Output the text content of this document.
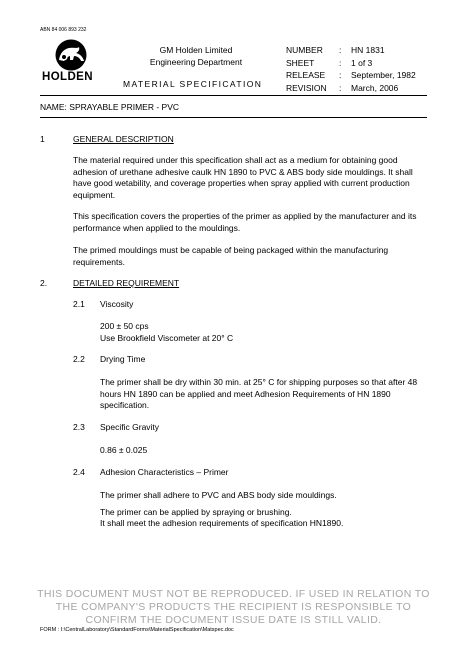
ABN 84 006 893 232
HOLDEN
GM Holden Limited
Engineering Department
MATERIAL SPECIFICATION
NUMBER : HN 1831
SHEET	: 1 of 3
RELEASE : September, 1982
REVISION : March, 2006
NAME: SPRAYABLE PRIMER - PVC
1	GENERAL DESCRIPTION
The material required under this specification shall act as a medium for obtaining good adhesion of urethane adhesive caulk HN 1890 to PVC & ABS body side mouldings. It shall have good wetability, and coverage properties when spray applied with current production equipment.
This specification covers the properties of the primer as applied by the manufacturer and its performance when applied to the mouldings.
The primed mouldings must be capable of being packaged within the manufacturing requirements.
2.	DETAILED REQUIREMENT
2.1 Viscosity
200 ± 50 cps
Use Brookfield Viscometer at 20° C
2.2 Drying Time
The primer shall be dry within 30 min. at 25° C for shipping purposes so that after 48 hours HN 1890 can be applied and meet Adhesion Requirements of HN 1890 specification.
2.3 Specific Gravity
0.86 ± 0.025
2.4 Adhesion Characteristics – Primer
The primer shall adhere to PVC and ABS body side mouldings.
The primer can be applied by spraying or brushing.
It shall meet the adhesion requirements of specification HN1890.
THIS DOCUMENT MUST NOT BE REPRODUCED. IF USED IN RELATION TO
THE COMPANY'S PRODUCTS THE RECIPIENT IS RESPONSIBLE TO
CONFIRM THE DOCUMENT ISSUE DATE IS STILL VALID.
FORM : I:\CentralLaboratory\StandardForms\MaterialSpecification\Matspec.doc
